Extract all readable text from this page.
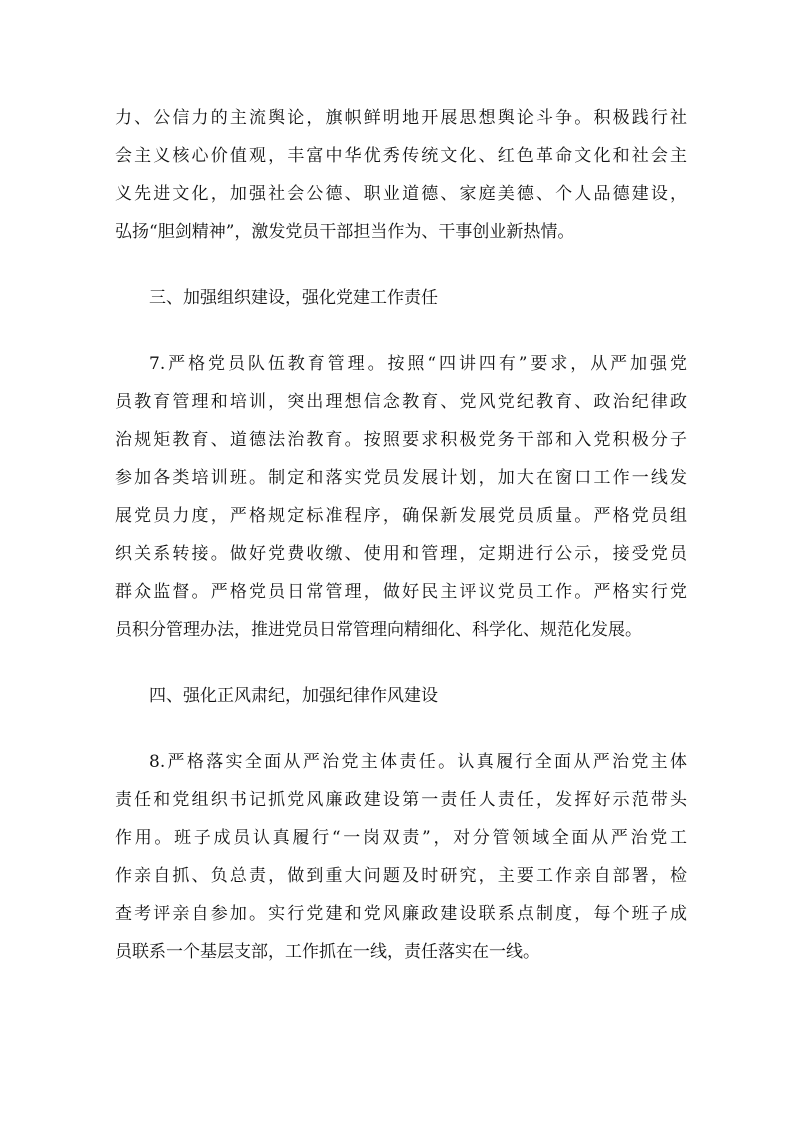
力、公信力的主流舆论，旗帜鲜明地开展思想舆论斗争。积极践行社
会主义核心价值观，丰富中华优秀传统文化、红色革命文化和社会主
义先进文化，加强社会公德、职业道德、家庭美德、个人品德建设，
弘扬“胆剑精神”，激发党员干部担当作为、干事创业新热情。
三、加强组织建设，强化党建工作责任
7.严格党员队伍教育管理。按照“四讲四有”要求，从严加强党
员教育管理和培训，突出理想信念教育、党风党纪教育、政治纪律政
治规矩教育、道德法治教育。按照要求积极党务干部和入党积极分子
参加各类培训班。制定和落实党员发展计划，加大在窗口工作一线发
展党员力度，严格规定标准程序，确保新发展党员质量。严格党员组
织关系转接。做好党费收缴、使用和管理，定期进行公示，接受党员
群众监督。严格党员日常管理，做好民主评议党员工作。严格实行党
员积分管理办法，推进党员日常管理向精细化、科学化、规范化发展。
四、强化正风肃纪，加强纪律作风建设
8.严格落实全面从严治党主体责任。认真履行全面从严治党主体
责任和党组织书记抓党风廉政建设第一责任人责任，发挥好示范带头
作用。班子成员认真履行“一岗双责”，对分管领域全面从严治党工
作亲自抓、负总责，做到重大问题及时研究，主要工作亲自部署，检
查考评亲自参加。实行党建和党风廉政建设联系点制度，每个班子成
员联系一个基层支部，工作抓在一线，责任落实在一线。
